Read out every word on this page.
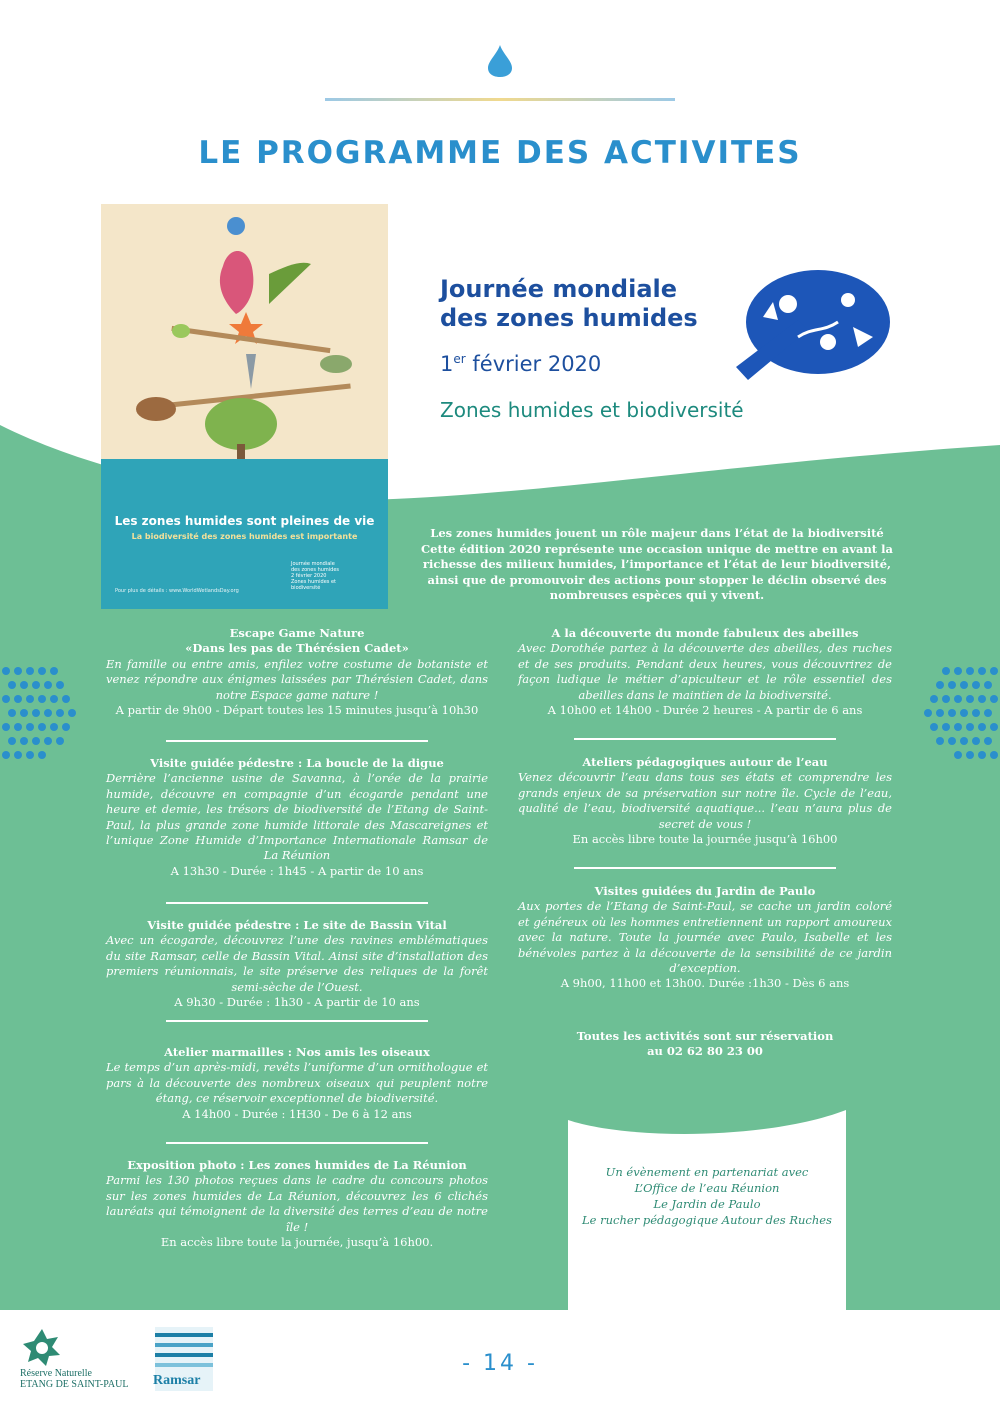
LE PROGRAMME DES ACTIVITES
Les zones humides sont pleines de vie
La biodiversité des zones humides est importante
Journée mondiale
des zones humides
2 février 2020
Zones humides et biodiversité
Pour plus de détails : www.WorldWetlandsDay.org
Journée mondiale
des zones humides
1er février 2020
Zones humides et biodiversité
Les zones humides jouent un rôle majeur dans l’état de la biodiversité
Cette édition 2020 représente une occasion unique de mettre en avant la richesse des milieux humides, l’importance et l’état de leur biodiversité, ainsi que de promouvoir des actions pour stopper le déclin observé des nombreuses espèces qui y vivent.
Escape Game Nature
«Dans les pas de Thérésien Cadet»
En famille ou entre amis, enfilez votre costume de botaniste et venez répondre aux énigmes laissées par Thérésien Cadet, dans notre Espace game nature !
A partir de 9h00 - Départ toutes les 15 minutes jusqu’à 10h30
Visite guidée pédestre : La boucle de la digue
Derrière l’ancienne usine de Savanna, à l’orée de la prairie humide, découvre en compagnie d’un écogarde pendant une heure et demie, les trésors de biodiversité de l’Etang de Saint-Paul, la plus grande zone humide littorale des Mascareignes et l’unique Zone Humide d’Importance Internationale Ramsar de La Réunion
A 13h30 - Durée : 1h45 - A partir de 10 ans
Visite guidée pédestre : Le site de Bassin Vital
Avec un écogarde, découvrez l’une des ravines emblématiques du site Ramsar, celle de Bassin Vital. Ainsi site d’installation des premiers réunionnais, le site préserve des reliques de la forêt semi-sèche de l’Ouest.
A 9h30 - Durée : 1h30 - A partir de 10 ans
Atelier marmailles : Nos amis les oiseaux
Le temps d’un après-midi, revêts l’uniforme d’un ornithologue et pars à la découverte des nombreux oiseaux qui peuplent notre étang, ce réservoir exceptionnel de biodiversité.
A 14h00 - Durée : 1H30 - De 6 à 12 ans
Exposition photo : Les zones humides de La Réunion
Parmi les 130 photos reçues dans le cadre du concours photos sur les zones humides de La Réunion, découvrez les 6 clichés lauréats qui témoignent de la diversité des terres d’eau de notre île !
En accès libre toute la journée, jusqu’à 16h00.
A la découverte du monde fabuleux des abeilles
Avec Dorothée partez à la découverte des abeilles, des ruches et de ses produits. Pendant deux heures, vous découvrirez de façon ludique le métier d’apiculteur et le rôle essentiel des abeilles dans le maintien de la biodiversité.
A 10h00 et 14h00 - Durée 2 heures - A partir de 6 ans
Ateliers pédagogiques autour de l’eau
Venez découvrir l’eau dans tous ses états et comprendre les grands enjeux de sa préservation sur notre île. Cycle de l’eau, qualité de l’eau, biodiversité aquatique... l’eau n’aura plus de secret de vous !
En accès libre toute la journée jusqu’à 16h00
Visites guidées du Jardin de Paulo
Aux portes de l’Etang de Saint-Paul, se cache un jardin coloré et généreux où les hommes entretiennent un rapport amoureux avec la nature. Toute la journée avec Paulo, Isabelle et les bénévoles partez à la découverte de la sensibilité de ce jardin d’exception.
A 9h00, 11h00 et 13h00. Durée :1h30 - Dès 6 ans
Toutes les activités sont sur réservation
au 02 62 80 23 00
Un évènement en partenariat avec
L’Office de l’eau Réunion
Le Jardin de Paulo
Le rucher pédagogique Autour des Ruches
Réserve Naturelle
ETANG DE SAINT-PAUL Ramsar
- 14 -
